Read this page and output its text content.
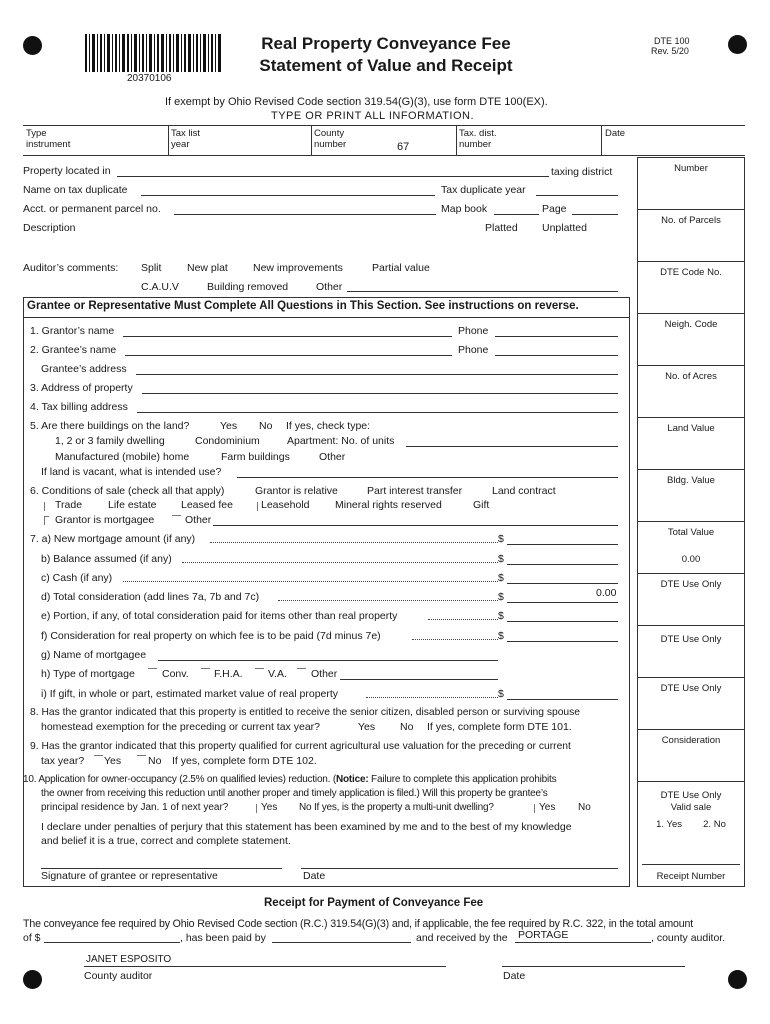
20370106
Real Property Conveyance Fee
Statement of Value and Receipt
DTE 100
Rev. 5/20
If exempt by Ohio Revised Code section 319.54(G)(3), use form DTE 100(EX).
TYPE OR PRINT ALL INFORMATION.
Type
instrument
Tax list
year
County
number	67
Tax. dist.
number
Date
Number
No. of Parcels
DTE Code No.
Neigh. Code
No. of Acres
Land Value
Bldg. Value
Total Value
0.00
DTE Use Only
DTE Use Only
DTE Use Only
Consideration
DTE Use Only
Valid sale
1. Yes        2. No
Receipt Number
Property located in	taxing district
Name on tax duplicate	Tax duplicate year
Acct. or permanent parcel no.	Map book	Page
Description	Platted Unplatted
Auditor’s comments: Split New plat New improvements	Partial value
C.A.U.V	Building removed	Other
Grantee or Representative Must Complete All Questions in This Section. See instructions on reverse.
1. Grantor’s name	Phone
2. Grantee’s name	Phone
Grantee’s address
3. Address of property
4. Tax billing address
5. Are there buildings on the land?	Yes No If yes, check type:
1, 2 or 3 family dwelling	Condominium	Apartment: No. of units
Manufactured (mobile) home	Farm buildings	Other
If land is vacant, what is intended use?
6. Conditions of sale (check all that apply)	Grantor is relative	Part interest transfer	Land contract
Trade Life estate Leased fee	Leasehold Mineral rights reserved	Gift
Grantor is mortgagee	Other
7. a) New mortgage amount (if any)	$
b) Balance assumed (if any)	$
c) Cash (if any)	$
d) Total consideration (add lines 7a, 7b and 7c)	$	0.00
e) Portion, if any, of total consideration paid for items other than real property	$
f) Consideration for real property on which fee is to be paid (7d minus 7e)	$
g) Name of mortgagee
h) Type of mortgage	Conv. F.H.A. V.A. Other
i) If gift, in whole or part, estimated market value of real property	$
8. Has the grantor indicated that this property is entitled to receive the senior citizen, disabled person or surviving spouse
homestead exemption for the preceding or current tax year?	Yes No If yes, complete form DTE 101.
9. Has the grantor indicated that this property qualified for current agricultural use valuation for the preceding or current
tax year? Yes	No If yes, complete form DTE 102.
10. Application for owner-occupancy (2.5% on qualified levies) reduction. (Notice: Failure to complete this application prohibits
the owner from receiving this reduction until another proper and timely application is filed.) Will this property be grantee’s
principal residence by Jan. 1 of next year?	Yes No If yes, is the property a multi-unit dwelling?	Yes No
I declare under penalties of perjury that this statement has been examined by me and to the best of my knowledge
and belief it is a true, correct and complete statement.
Signature of grantee or representative	Date
Receipt for Payment of Conveyance Fee
The conveyance fee required by Ohio Revised Code section (R.C.) 319.54(G)(3) and, if applicable, the fee required by R.C. 322, in the total amount
of $	, has been paid by	and received by the PORTAGE	, county auditor.
JANET ESPOSITO
County auditor	Date
